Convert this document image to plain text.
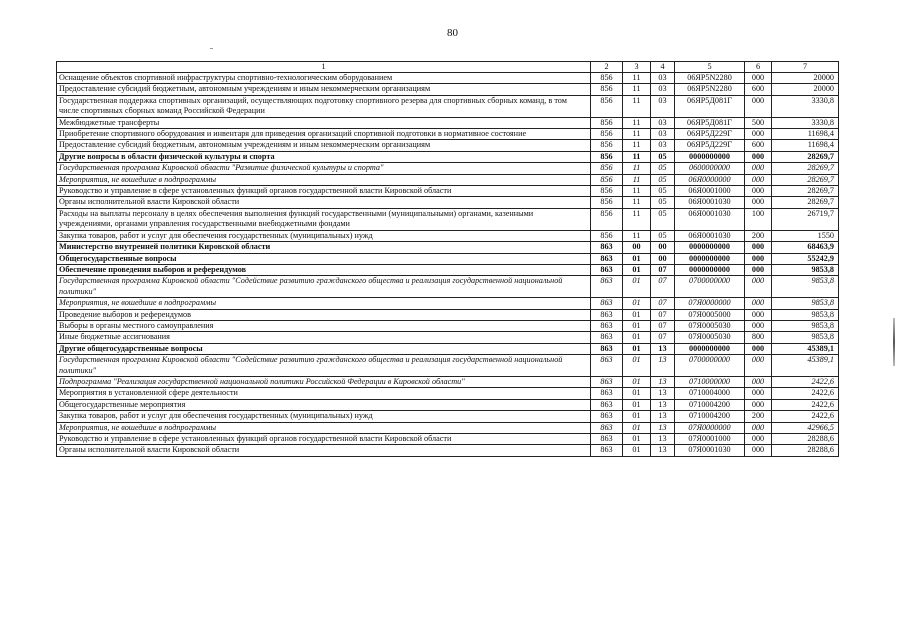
80
1	2	3	4	5	6	7
Оснащение объектов спортивной инфраструктуры спортивно-технологическим оборудованием	856	11	03	06ЯР5N2280	000	20000
Предоставление субсидий бюджетным, автономным учреждениям и иным некоммерческим организациям	856	11	03	06ЯР5N2280	600	20000
Государственная поддержка спортивных организаций, осуществляющих подготовку спортивного резерва для спортивных сборных команд, в том числе спортивных сборных команд Российской Федерации	856	11	03	06ЯР5Д081Г	000	3330,8
Межбюджетные трансферты	856	11	03	06ЯР5Д081Г	500	3330,8
Приобретение спортивного оборудования и инвентаря для приведения организаций спортивной подготовки в нормативное состояние	856	11	03	06ЯР5Д229Г	000	11698,4
Предоставление субсидий бюджетным, автономным учреждениям и иным некоммерческим организациям	856	11	03	06ЯР5Д229Г	600	11698,4
Другие вопросы в области физической культуры и спорта	856	11	05	0000000000	000	28269,7
Государственная программа Кировской области "Развитие физической культуры и спорта"	856	11	05	0600000000	000	28269,7
Мероприятия, не вошедшие в подпрограммы	856	11	05	06Я0000000	000	28269,7
Руководство и управление в сфере установленных функций органов государственной власти Кировской области	856	11	05	06Я0001000	000	28269,7
Органы исполнительной власти Кировской области	856	11	05	06Я0001030	000	28269,7
Расходы на выплаты персоналу в целях обеспечения выполнения функций государственными (муниципальными) органами, казенными учреждениями, органами управления государственными внебюджетными фондами	856	11	05	06Я0001030	100	26719,7
Закупка товаров, работ и услуг для обеспечения государственных (муниципальных) нужд	856	11	05	06Я0001030	200	1550
Министерство внутренней политики Кировской области	863	00	00	0000000000	000	68463,9
Общегосударственные вопросы	863	01	00	0000000000	000	55242,9
Обеспечение проведения выборов и референдумов	863	01	07	0000000000	000	9853,8
Государственная программа Кировской области "Содействие развитию гражданского общества и реализация государственной национальной политики"	863	01	07	0700000000	000	9853,8
Мероприятия, не вошедшие в подпрограммы	863	01	07	07Я0000000	000	9853,8
Проведение выборов и референдумов	863	01	07	07Я0005000	000	9853,8
Выборы в органы местного самоуправления	863	01	07	07Я0005030	000	9853,8
Иные бюджетные ассигнования	863	01	07	07Я0005030	800	9853,8
Другие общегосударственные вопросы	863	01	13	0000000000	000	45389,1
Государственная программа Кировской области "Содействие развитию гражданского общества и реализация государственной национальной политики"	863	01	13	0700000000	000	45389,1
Подпрограмма "Реализация государственной национальной политики Российской Федерации в Кировской области"	863	01	13	0710000000	000	2422,6
Мероприятия в установленной сфере деятельности	863	01	13	0710004000	000	2422,6
Общегосударственные мероприятия	863	01	13	0710004200	000	2422,6
Закупка товаров, работ и услуг для обеспечения государственных (муниципальных) нужд	863	01	13	0710004200	200	2422,6
Мероприятия, не вошедшие в подпрограммы	863	01	13	07Я0000000	000	42966,5
Руководство и управление в сфере установленных функций органов государственной власти Кировской области	863	01	13	07Я0001000	000	28288,6
Органы исполнительной власти Кировской области	863	01	13	07Я0001030	000	28288,6
